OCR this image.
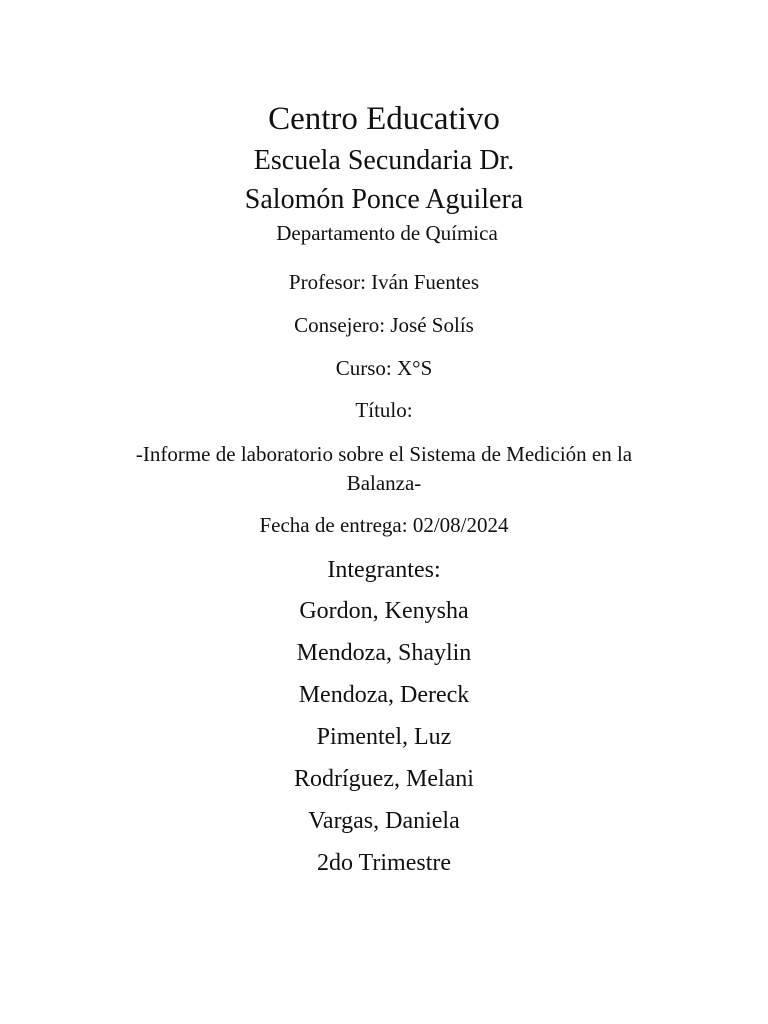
Centro Educativo
Escuela Secundaria Dr.
Salomón Ponce Aguilera
Departamento de Química
Profesor: Iván Fuentes
Consejero: José Solís
Curso: X°S
Título:
-Informe de laboratorio sobre el Sistema de Medición en la Balanza-
Fecha de entrega: 02/08/2024
Integrantes:
Gordon, Kenysha
Mendoza, Shaylin
Mendoza, Dereck
Pimentel, Luz
Rodríguez, Melani
Vargas, Daniela
2do Trimestre
